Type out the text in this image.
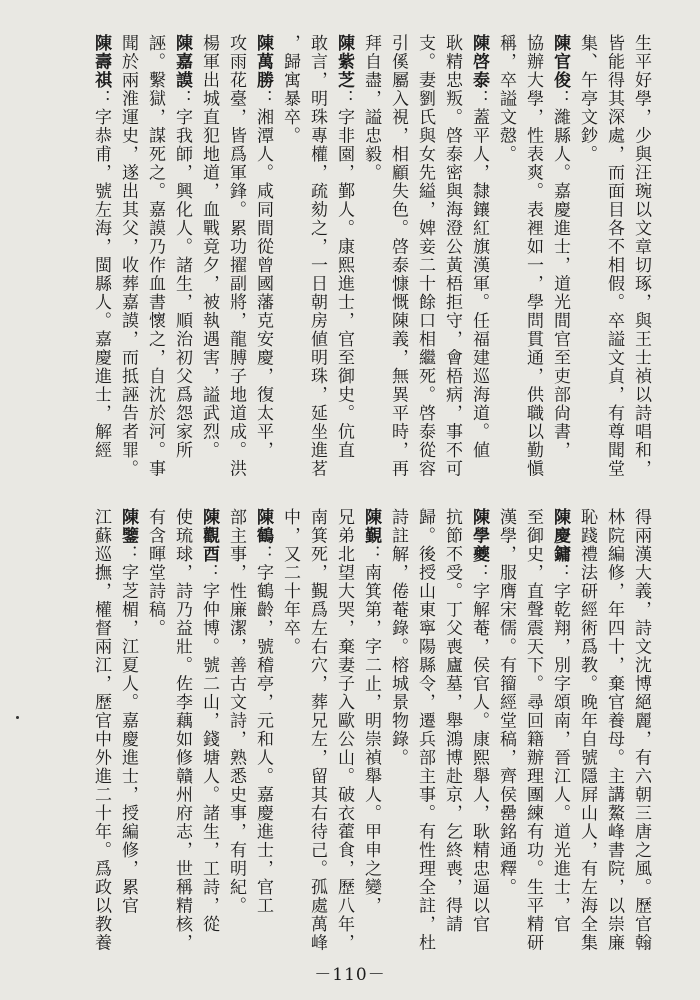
生平好學，少與汪琬以文章切琢，與王士禎以詩唱和，
皆能得其深處，而面目各不相假。卒謚文貞，有尊聞堂
集、午亭文鈔。
陳官俊：濰縣人。嘉慶進士，道光間官至吏部尙書，
協辦大學，性表爽。表裡如一，學問貫通，供職以勤愼
稱，卒謚文慤。
陳啓泰：蓋平人，隸鑲紅旗漢軍。任福建巡海道。値
耿精忠叛。啓泰密與海澄公黃梧拒守，會梧病，事不可
支。妻劉氏與女先縊，婢妾二十餘口相繼死。啓泰從容
引傒屬入視，相顧失色。啓泰慷慨陳義，無異平時，再
拜自盡，謚忠毅。
陳紫芝：字非園，鄞人。康熙進士，官至御史。伉直
敢言，明珠專權，疏劾之，一日朝房値明珠，延坐進茗
，歸寓暴卒。
陳萬勝：湘潭人。咸同間從曾國藩克安慶，復太平，
攻雨花臺，皆爲軍鋒。累功擢副將，龍膊子地道成。洪
楊軍出城直犯地道，血戰竟夕，被執遇害，謚武烈。
陳嘉謨：字我師，興化人。諸生，順治初父爲怨家所
誣。繫獄，謀死之。嘉謨乃作血書懷之，自沈於河。事
聞於兩淮運史，遂出其父，收葬嘉謨，而抵誣告者罪。
陳壽祺：字恭甫，號左海，閩縣人。嘉慶進士，解經
得兩漢大義，詩文沈博絕麗，有六朝三唐之風。歷官翰
林院編修，年四十，棄官養母。主講鰲峰書院，以崇廉
恥踐禮法研經術爲教。晚年自號隱屛山人，有左海全集
陳慶鏞：字乾翔，別字頌南，晉江人。道光進士，官
至御史，直聲震天下。尋回籍辦理團練有功。生平精研
漢學，服膺宋儒。有籀經堂稿，齊侯罍銘通釋。
陳學夔：字解菴，侯官人。康熙舉人，耿精忠逼以官
抗節不受。丁父喪廬墓，舉鴻博赴京，乞終喪，得請
歸。後授山東寧陽縣令，遷兵部主事。有性理全註，杜
詩註解，倦菴錄。榕城景物錄。
陳覲：南箕第，字二止，明崇禎舉人。甲申之變，
兄弟北望大哭，棄妻子入歐公山。破衣藿食，歷八年，
南箕死，覲爲左右穴，葬兄左，留其右待己。孤處萬峰
中，又二十年卒。
陳鶴：字鶴齡，號稽亭，元和人。嘉慶進士，官工
部主事，性廉潔，善古文詩，熟悉史事，有明紀。
陳觀酉：字仲博。號二山，錢塘人。諸生，工詩，從
使琉球，詩乃益壯。佐李藕如修贛州府志，世稱精核，
有含暉堂詩稿。
陳鑒：字芝楣，江夏人。嘉慶進士，授編修，累官
江蘇巡撫，權督兩江，歷官中外進二十年。爲政以教養
－110－
